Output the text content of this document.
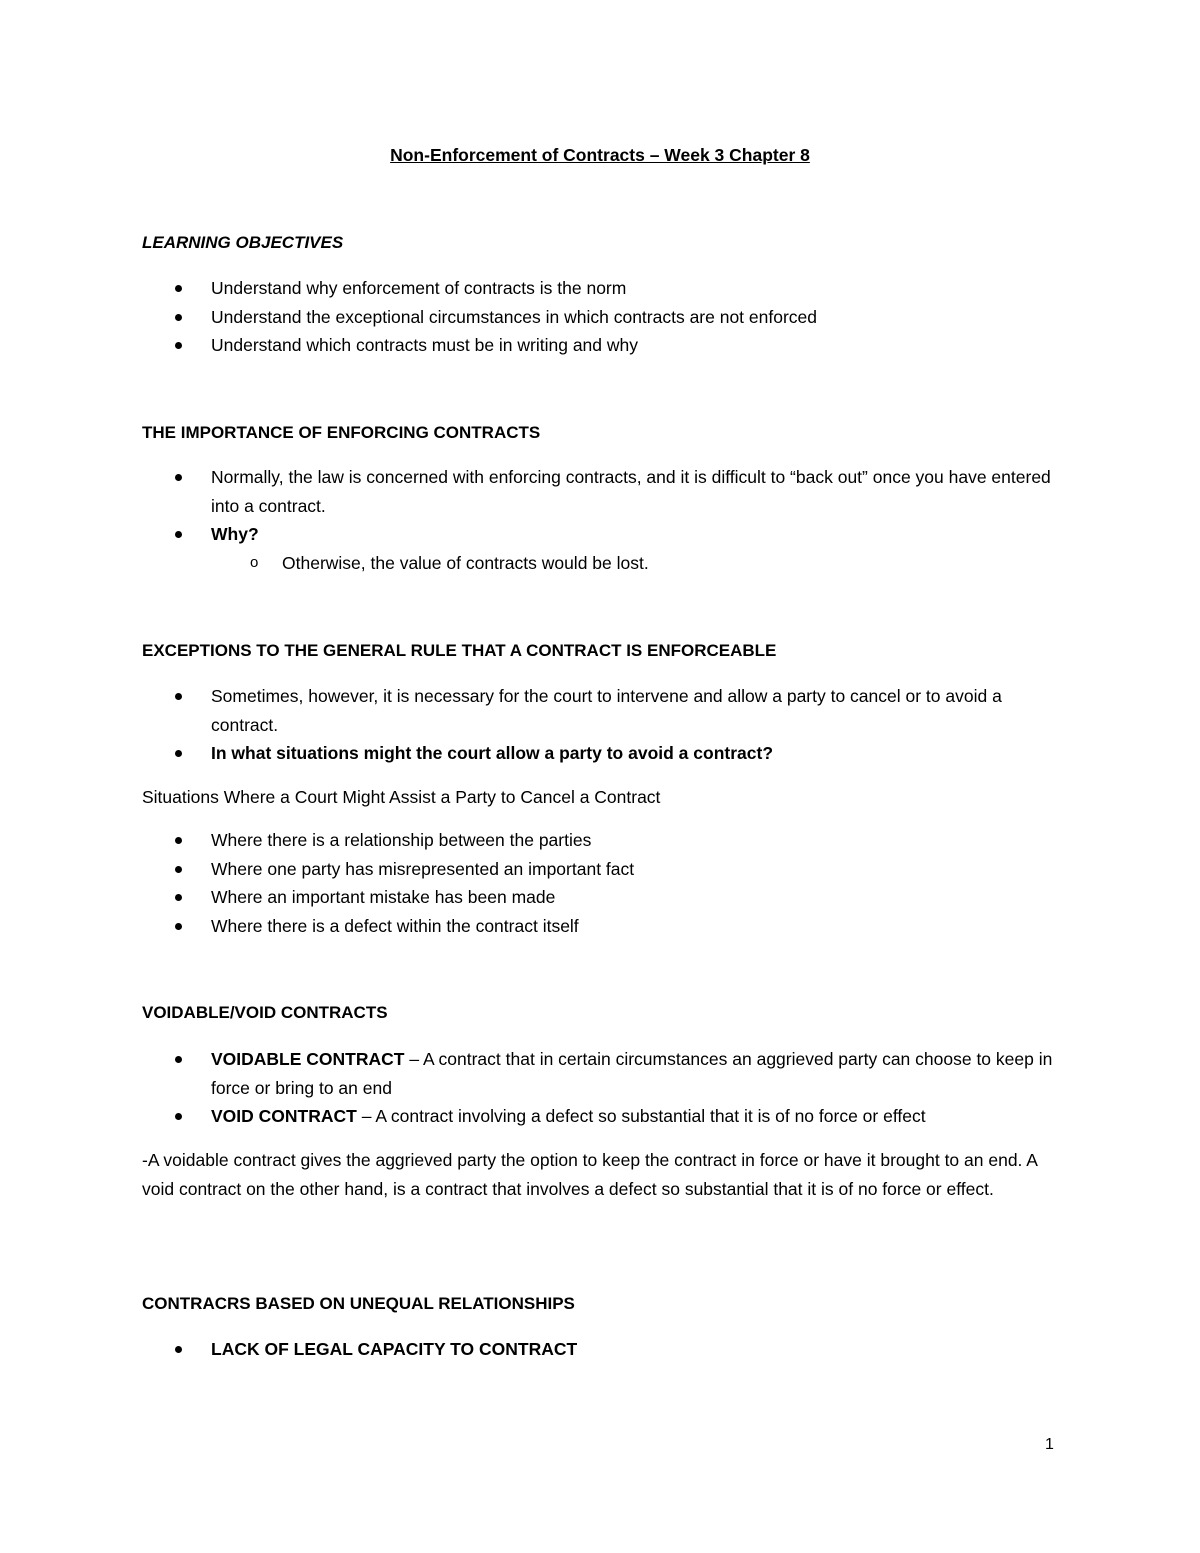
Non-Enforcement of Contracts – Week 3 Chapter 8
LEARNING OBJECTIVES
Understand why enforcement of contracts is the norm
Understand the exceptional circumstances in which contracts are not enforced
Understand which contracts must be in writing and why
THE IMPORTANCE OF ENFORCING CONTRACTS
Normally, the law is concerned with enforcing contracts, and it is difficult to “back out” once you have entered into a contract.
Why?
o Otherwise, the value of contracts would be lost.
EXCEPTIONS TO THE GENERAL RULE THAT A CONTRACT IS ENFORCEABLE
Sometimes, however, it is necessary for the court to intervene and allow a party to cancel or to avoid a contract.
In what situations might the court allow a party to avoid a contract?
Situations Where a Court Might Assist a Party to Cancel a Contract
Where there is a relationship between the parties
Where one party has misrepresented an important fact
Where an important mistake has been made
Where there is a defect within the contract itself
VOIDABLE/VOID CONTRACTS
VOIDABLE CONTRACT – A contract that in certain circumstances an aggrieved party can choose to keep in force or bring to an end
VOID CONTRACT – A contract involving a defect so substantial that it is of no force or effect
-A voidable contract gives the aggrieved party the option to keep the contract in force or have it brought to an end. A void contract on the other hand, is a contract that involves a defect so substantial that it is of no force or effect.
CONTRACRS BASED ON UNEQUAL RELATIONSHIPS
LACK OF LEGAL CAPACITY TO CONTRACT
1
